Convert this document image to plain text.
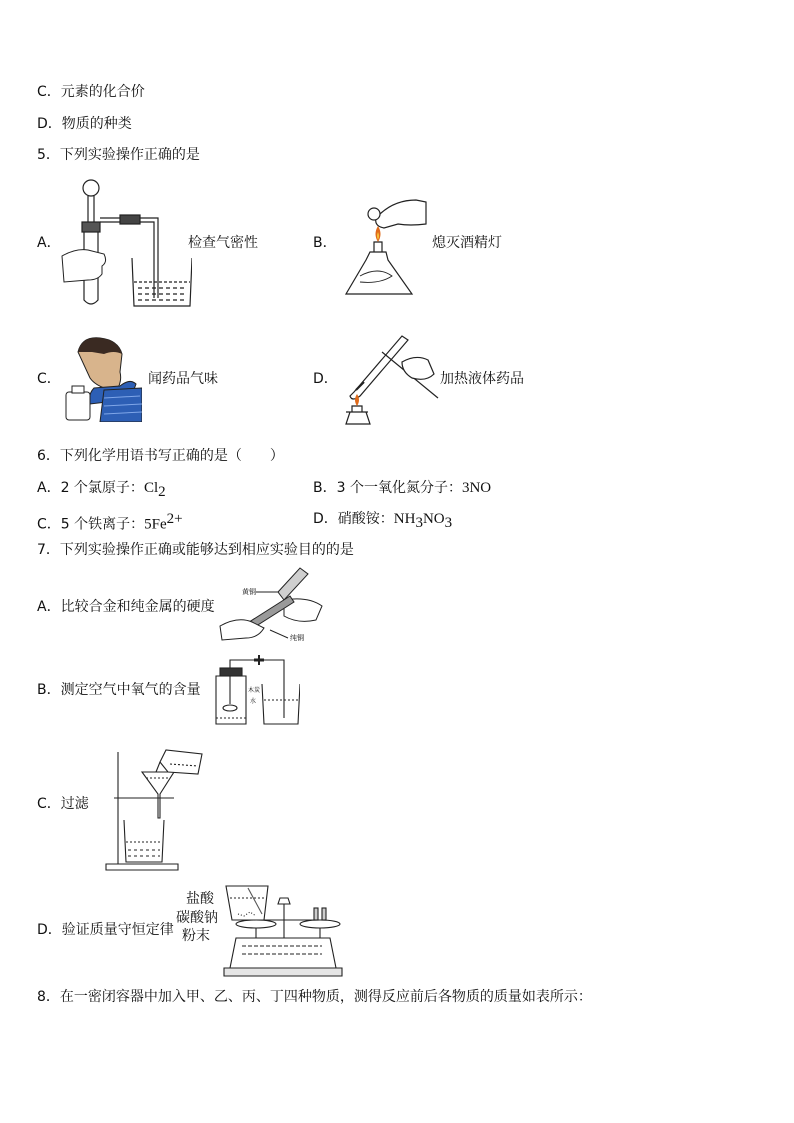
C．元素的化合价
D．物质的种类
5．下列实验操作正确的是
A．	检查气密性	B．	熄灭酒精灯
C．	闻药品气味	D．	加热液体药品
6．下列化学用语书写正确的是（　　）
A．2 个氯原子：$Cl_2$	B．3 个一氧化氮分子：3NO
C．5 个铁离子：$5Fe^{2+}$	D．硝酸铵：$NH_3NO_3$
7．下列实验操作正确或能够达到相应实验目的的是
A．比较合金和纯金属的硬度
黄铜
纯铜
B．测定空气中氧气的含量	木炭
水
C．过滤
D．验证质量守恒定律
盐酸
碳酸钠
粉末
8．在一密闭容器中加入甲、乙、丙、丁四种物质，测得反应前后各物质的质量如表所示：
